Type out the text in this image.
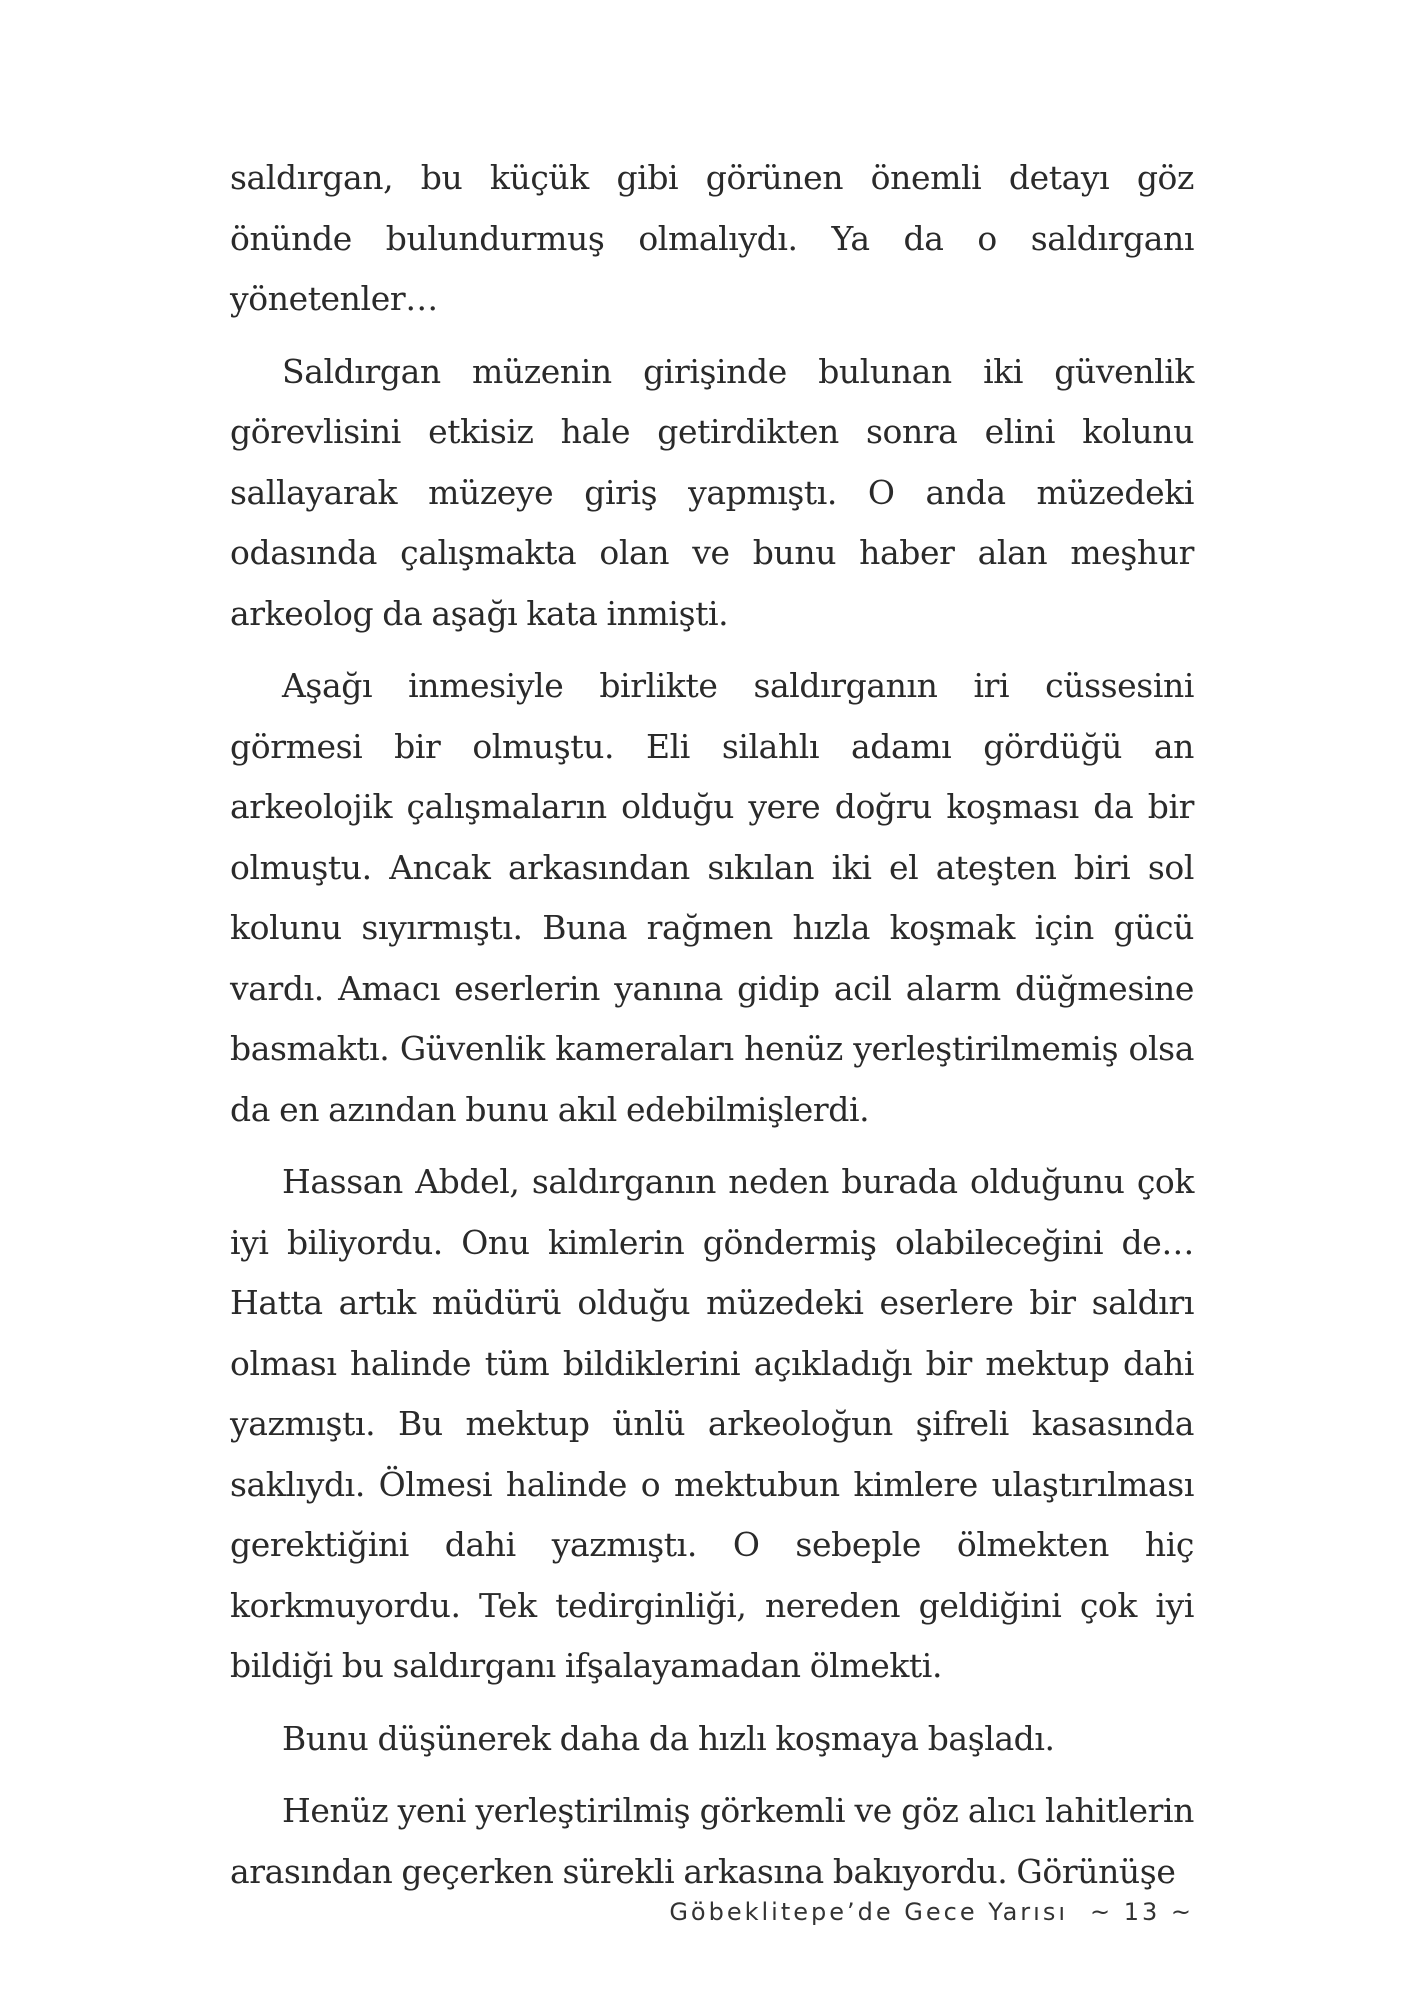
saldırgan, bu küçük gibi görünen önemli detayı göz önünde bulundurmuş olmalıydı. Ya da o saldırganı yönetenler…

Saldırgan müzenin girişinde bulunan iki güvenlik görevlisini etkisiz hale getirdikten sonra elini kolunu sallayarak müzeye giriş yapmıştı. O anda müzedeki odasında çalışmakta olan ve bunu haber alan meşhur arkeolog da aşağı kata inmişti.

Aşağı inmesiyle birlikte saldırganın iri cüssesini görmesi bir olmuştu. Eli silahlı adamı gördüğü an arkeolojik çalışmaların olduğu yere doğru koşması da bir olmuştu. Ancak arkasından sıkılan iki el ateşten biri sol kolunu sıyırmıştı. Buna rağmen hızla koşmak için gücü vardı. Amacı eserlerin yanına gidip acil alarm düğmesine basmaktı. Güvenlik kameraları henüz yerleştirilmemiş olsa da en azından bunu akıl edebilmişlerdi.

Hassan Abdel, saldırganın neden burada olduğunu çok iyi biliyordu. Onu kimlerin göndermiş olabileceğini de… Hatta artık müdürü olduğu müzedeki eserlere bir saldırı olması halinde tüm bildiklerini açıkladığı bir mektup dahi yazmıştı. Bu mektup ünlü arkeoloğun şifreli kasasında saklıydı. Ölmesi halinde o mektubun kimlere ulaştırılması gerektiğini dahi yazmıştı. O sebeple ölmekten hiç korkmuyordu. Tek tedirginliği, nereden geldiğini çok iyi bildiği bu saldırganı ifşalayamadan ölmekti.

Bunu düşünerek daha da hızlı koşmaya başladı.

Henüz yeni yerleştirilmiş görkemli ve göz alıcı lahitlerin arasından geçerken sürekli arkasına bakıyordu. Görünüşe

Göbeklitepe’de Gece Yarısı ~ 13 ~
